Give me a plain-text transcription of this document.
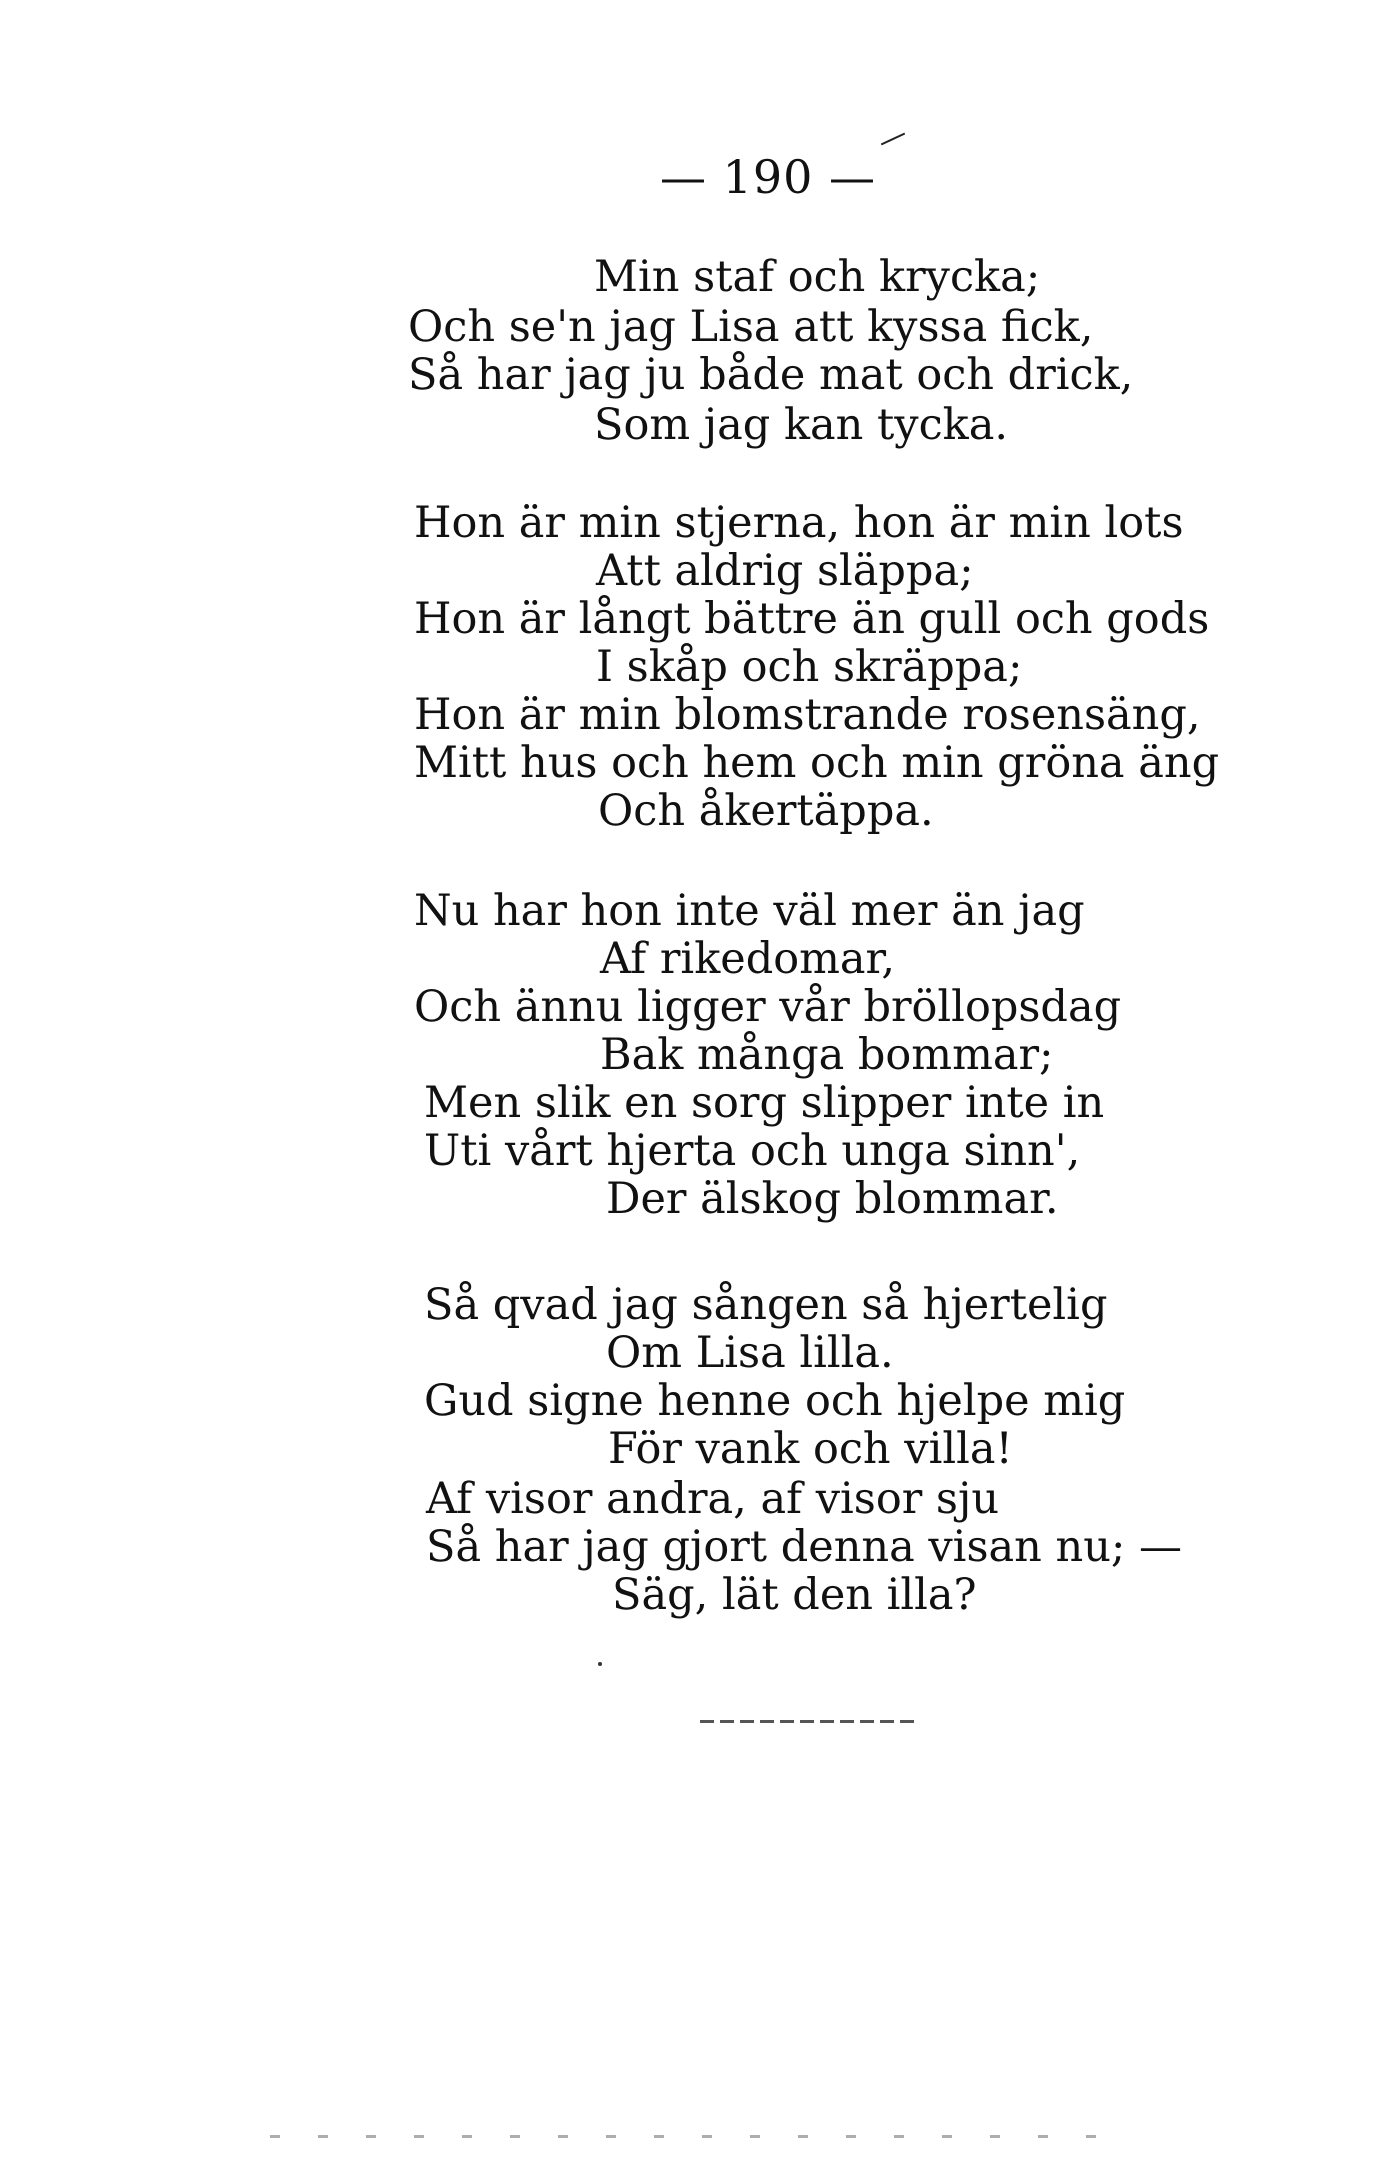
— 190 —
Min staf och krycka;
Och se'n jag Lisa att kyssa fick,
Så har jag ju både mat och drick,
Som jag kan tycka.
Hon är min stjerna, hon är min lots
Att aldrig släppa;
Hon är långt bättre än gull och gods
I skåp och skräppa;
Hon är min blomstrande rosensäng,
Mitt hus och hem och min gröna äng
Och åkertäppa.
Nu har hon inte väl mer än jag
Af rikedomar,
Och ännu ligger vår bröllopsdag
Bak många bommar;
Men slik en sorg slipper inte in
Uti vårt hjerta och unga sinn',
Der älskog blommar.
Så qvad jag sången så hjertelig
Om Lisa lilla.
Gud signe henne och hjelpe mig
För vank och villa!
Af visor andra, af visor sju
Så har jag gjort denna visan nu; —
Säg, lät den illa?
